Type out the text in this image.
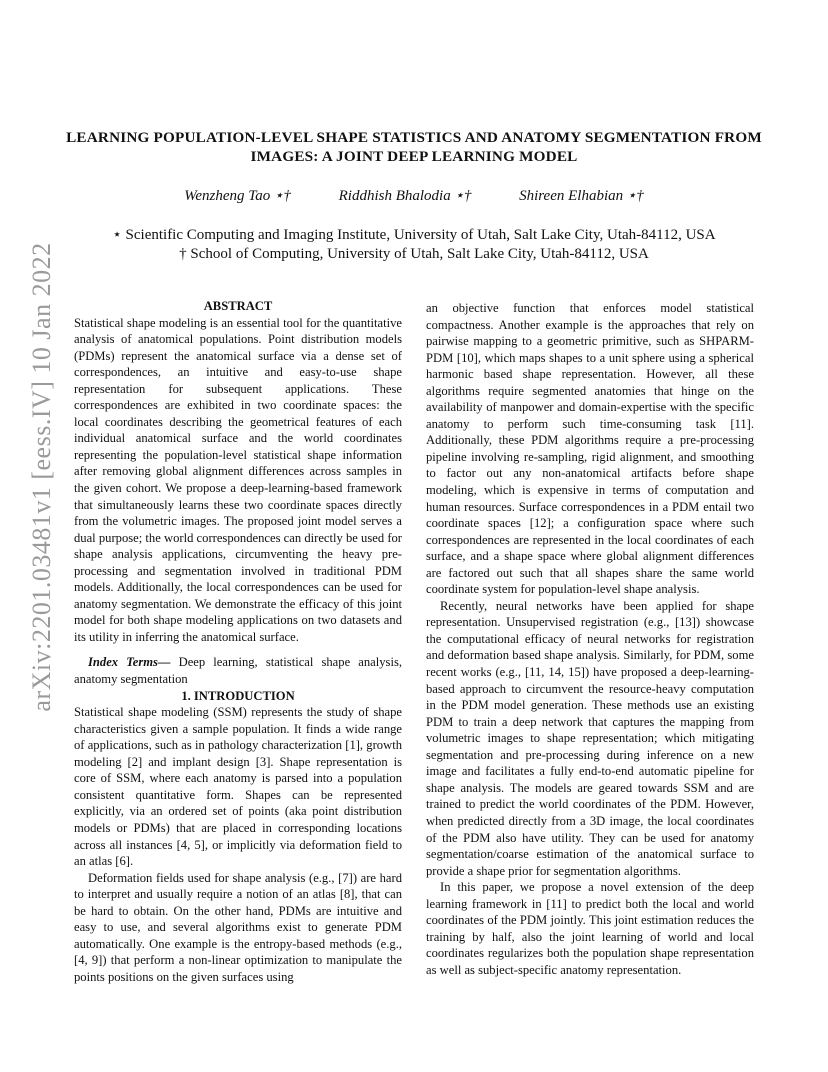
arXiv:2201.03481v1 [eess.IV] 10 Jan 2022
LEARNING POPULATION-LEVEL SHAPE STATISTICS AND ANATOMY SEGMENTATION FROM IMAGES: A JOINT DEEP LEARNING MODEL
Wenzheng Tao ⋆†	Riddhish Bhalodia ⋆†	Shireen Elhabian ⋆†
⋆ Scientific Computing and Imaging Institute, University of Utah, Salt Lake City, Utah-84112, USA
† School of Computing, University of Utah, Salt Lake City, Utah-84112, USA

ABSTRACT

Statistical shape modeling is an essential tool for the quantitative analysis of anatomical populations. Point distribution models (PDMs) represent the anatomical surface via a dense set of correspondences, an intuitive and easy-to-use shape representation for subsequent applications. These correspondences are exhibited in two coordinate spaces: the local coordinates describing the geometrical features of each individual anatomical surface and the world coordinates representing the population-level statistical shape information after removing global alignment differences across samples in the given cohort. We propose a deep-learning-based framework that simultaneously learns these two coordinate spaces directly from the volumetric images. The proposed joint model serves a dual purpose; the world correspondences can directly be used for shape analysis applications, circumventing the heavy pre-processing and segmentation involved in traditional PDM models. Additionally, the local correspondences can be used for anatomy segmentation. We demonstrate the efficacy of this joint model for both shape modeling applications on two datasets and its utility in inferring the anatomical surface.

Index Terms— Deep learning, statistical shape analysis, anatomy segmentation

1. INTRODUCTION

Statistical shape modeling (SSM) represents the study of shape characteristics given a sample population. It finds a wide range of applications, such as in pathology characterization [1], growth modeling [2] and implant design [3]. Shape representation is core of SSM, where each anatomy is parsed into a population consistent quantitative form. Shapes can be represented explicitly, via an ordered set of points (aka point distribution models or PDMs) that are placed in corresponding locations across all instances [4, 5], or implicitly via deformation field to an atlas [6].

Deformation fields used for shape analysis (e.g., [7]) are hard to interpret and usually require a notion of an atlas [8], that can be hard to obtain. On the other hand, PDMs are intuitive and easy to use, and several algorithms exist to generate PDM automatically. One example is the entropy-based methods (e.g., [4, 9]) that perform a non-linear optimization to manipulate the points positions on the given surfaces using

an objective function that enforces model statistical compactness. Another example is the approaches that rely on pairwise mapping to a geometric primitive, such as SHPARM-PDM [10], which maps shapes to a unit sphere using a spherical harmonic based shape representation. However, all these algorithms require segmented anatomies that hinge on the availability of manpower and domain-expertise with the specific anatomy to perform such time-consuming task [11]. Additionally, these PDM algorithms require a pre-processing pipeline involving re-sampling, rigid alignment, and smoothing to factor out any non-anatomical artifacts before shape modeling, which is expensive in terms of computation and human resources. Surface correspondences in a PDM entail two coordinate spaces [12]; a configuration space where such correspondences are represented in the local coordinates of each surface, and a shape space where global alignment differences are factored out such that all shapes share the same world coordinate system for population-level shape analysis.

Recently, neural networks have been applied for shape representation. Unsupervised registration (e.g., [13]) showcase the computational efficacy of neural networks for registration and deformation based shape analysis. Similarly, for PDM, some recent works (e.g., [11, 14, 15]) have proposed a deep-learning-based approach to circumvent the resource-heavy computation in the PDM model generation. These methods use an existing PDM to train a deep network that captures the mapping from volumetric images to shape representation; which mitigating segmentation and pre-processing during inference on a new image and facilitates a fully end-to-end automatic pipeline for shape analysis. The models are geared towards SSM and are trained to predict the world coordinates of the PDM. However, when predicted directly from a 3D image, the local coordinates of the PDM also have utility. They can be used for anatomy segmentation/coarse estimation of the anatomical surface to provide a shape prior for segmentation algorithms.

In this paper, we propose a novel extension of the deep learning framework in [11] to predict both the local and world coordinates of the PDM jointly. This joint estimation reduces the training by half, also the joint learning of world and local coordinates regularizes both the population shape representation as well as subject-specific anatomy representation.
